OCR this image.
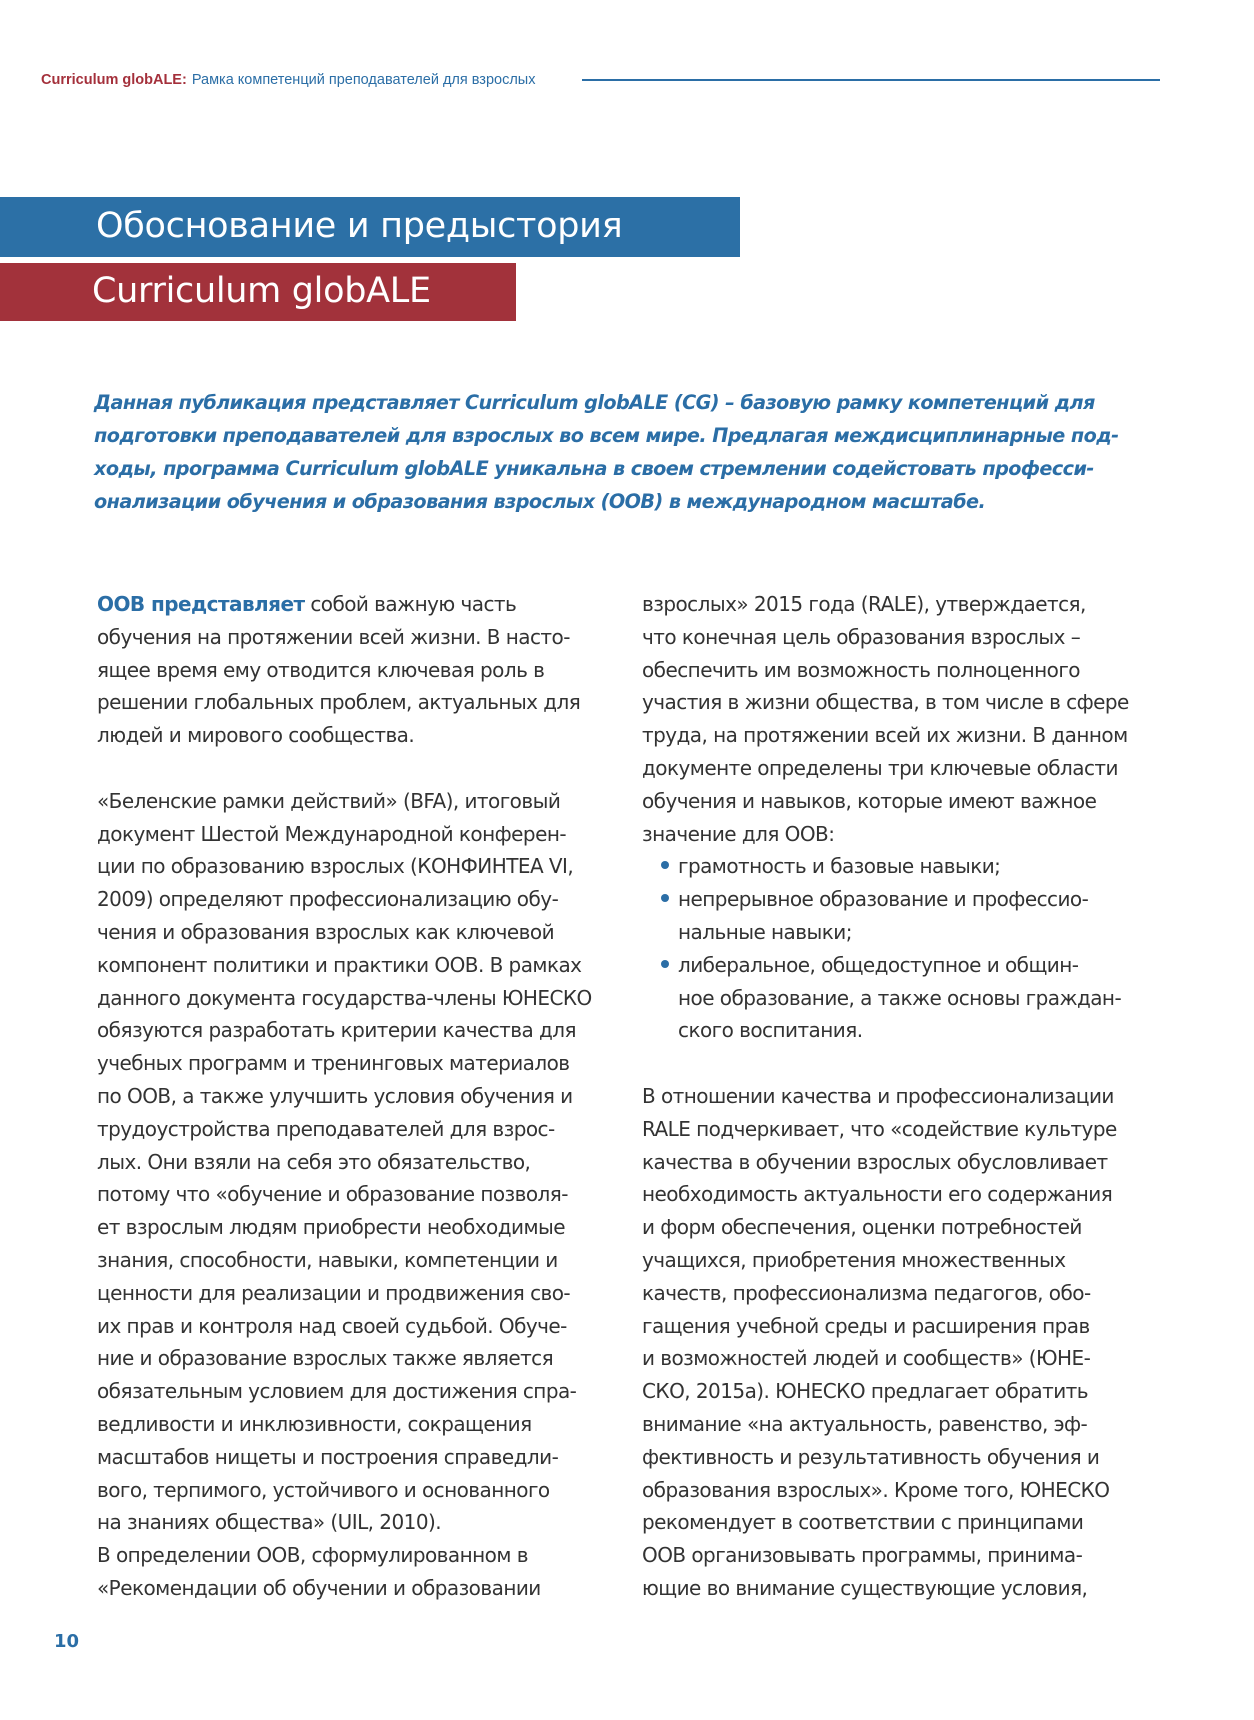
Curriculum globALE: Рамка компетенций преподавателей для взрослых
Обоснование и предыстория
Curriculum globALE

Данная публикация представляет Curriculum globALE (CG) – базовую рамку компетенций для
подготовки преподавателей для взрослых во всем мире. Предлагая междисциплинарные под-
ходы, программа Curriculum globALE уникальна в своем стремлении содейстовать професси-
онализации обучения и образования взрослых (ООВ) в международном масштабе.

ООВ представляет собой важную часть
обучения на протяжении всей жизни. В насто-
ящее время ему отводится ключевая роль в
решении глобальных проблем, актуальных для
людей и мирового сообщества.
«Беленские рамки действий» (BFA), итоговый
документ Шестой Международной конферен-
ции по образованию взрослых (КОНФИНТЕА VI,
2009) определяют профессионализацию обу-
чения и образования взрослых как ключевой
компонент политики и практики ООВ. В рамках
данного документа государства-члены ЮНЕСКО
обязуются разработать критерии качества для
учебных программ и тренинговых материалов
по ООВ, а также улучшить условия обучения и
трудоустройства преподавателей для взрос-
лых. Они взяли на себя это обязательство,
потому что «обучение и образование позволя-
ет взрослым людям приобрести необходимые
знания, способности, навыки, компетенции и
ценности для реализации и продвижения сво-
их прав и контроля над своей судьбой. Обуче-
ние и образование взрослых также является
обязательным условием для достижения спра-
ведливости и инклюзивности, сокращения
масштабов нищеты и построения справедли-
вого, терпимого, устойчивого и основанного
на знаниях общества» (UIL, 2010).
В определении ООВ, сформулированном в
«Рекомендации об обучении и образовании
взрослых» 2015 года (RALE), утверждается,
что конечная цель образования взрослых –
обеспечить им возможность полноценного
участия в жизни общества, в том числе в сфере
труда, на протяжении всей их жизни. В данном
документе определены три ключевые области
обучения и навыков, которые имеют важное
значение для ООВ:
грамотность и базовые навыки;
непрерывное образование и профессио-
нальные навыки;
либеральное, общедоступное и общин-
ное образование, а также основы граждан-
ского воспитания.
В отношении качества и профессионализации
RALE подчеркивает, что «содействие культуре
качества в обучении взрослых обусловливает
необходимость актуальности его содержания
и форм обеспечения, оценки потребностей
учащихся, приобретения множественных
качеств, профессионализма педагогов, обо-
гащения учебной среды и расширения прав
и возможностей людей и сообществ» (ЮНЕ-
СКО, 2015a). ЮНЕСКО предлагает обратить
внимание «на актуальность, равенство, эф-
фективность и результативность обучения и
образования взрослых». Кроме того, ЮНЕСКО
рекомендует в соответствии с принципами
ООВ организовывать программы, принима-
ющие во внимание существующие условия,
10
